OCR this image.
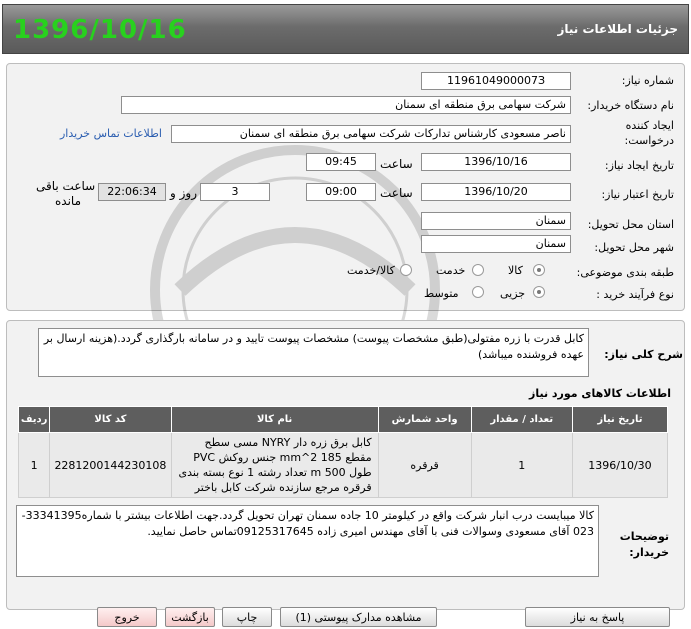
1396/10/16	جزئیات اطلاعات نیاز
شماره نیاز:
1196104900007З
نام دستگاه خریدار:
شرکت سهامی برق منطقه ای سمنان
ایجاد کننده
درخواست:
ناصر مسعودی کارشناس تدارکات شرکت سهامی برق منطقه ای سمنان
اطلاعات تماس خریدار
تاریخ ایجاد نیاز:
1396/10/16
ساعت
09:45
تاریخ اعتبار نیاز:
1396/10/20
ساعت
09:00
3
روز و
22:06:34
ساعت باقی
مانده
استان محل تحویل:
سمنان
شهر محل تحویل:
سمنان
طبقه بندی موضوعی:
کالا
خدمت
کالا/خدمت
نوع فرآیند خرید :
جزیی
متوسط
شرح کلی نیاز:
کابل قدرت با زره مفتولی(طبق مشخصات پیوست) مشخصات پیوست تایید و در سامانه بارگذاری گردد.(هزینه ارسال بر عهده فروشنده میباشد)
اطلاعات کالاهای مورد نیاز
ردیف	کد کالا	نام کالا	واحد شمارش	تعداد / مقدار	تاریخ نیاز
1	2281200144230108	کابل برق زره دار NYRY مسی سطح مقطع 185 mm^2 جنس روکش PVC طول 500 m تعداد رشته 1 نوع بسته بندی قرقره مرجع سازنده شرکت کابل باختر	قرقره	1	1396/10/30
توضیحات
خریدار:
کالا میبایست درب انبار شرکت واقع در کیلومتر 10 جاده سمنان تهران تحویل گردد.جهت اطلاعات بیشتر با شماره33341395-023 آقای مسعودی وسوالات فنی با آقای مهندس امیری زاده 09125317645تماس حاصل نمایید.
پاسخ به نیاز
مشاهده مدارک پیوستی (1)
چاپ
بازگشت
خروج
